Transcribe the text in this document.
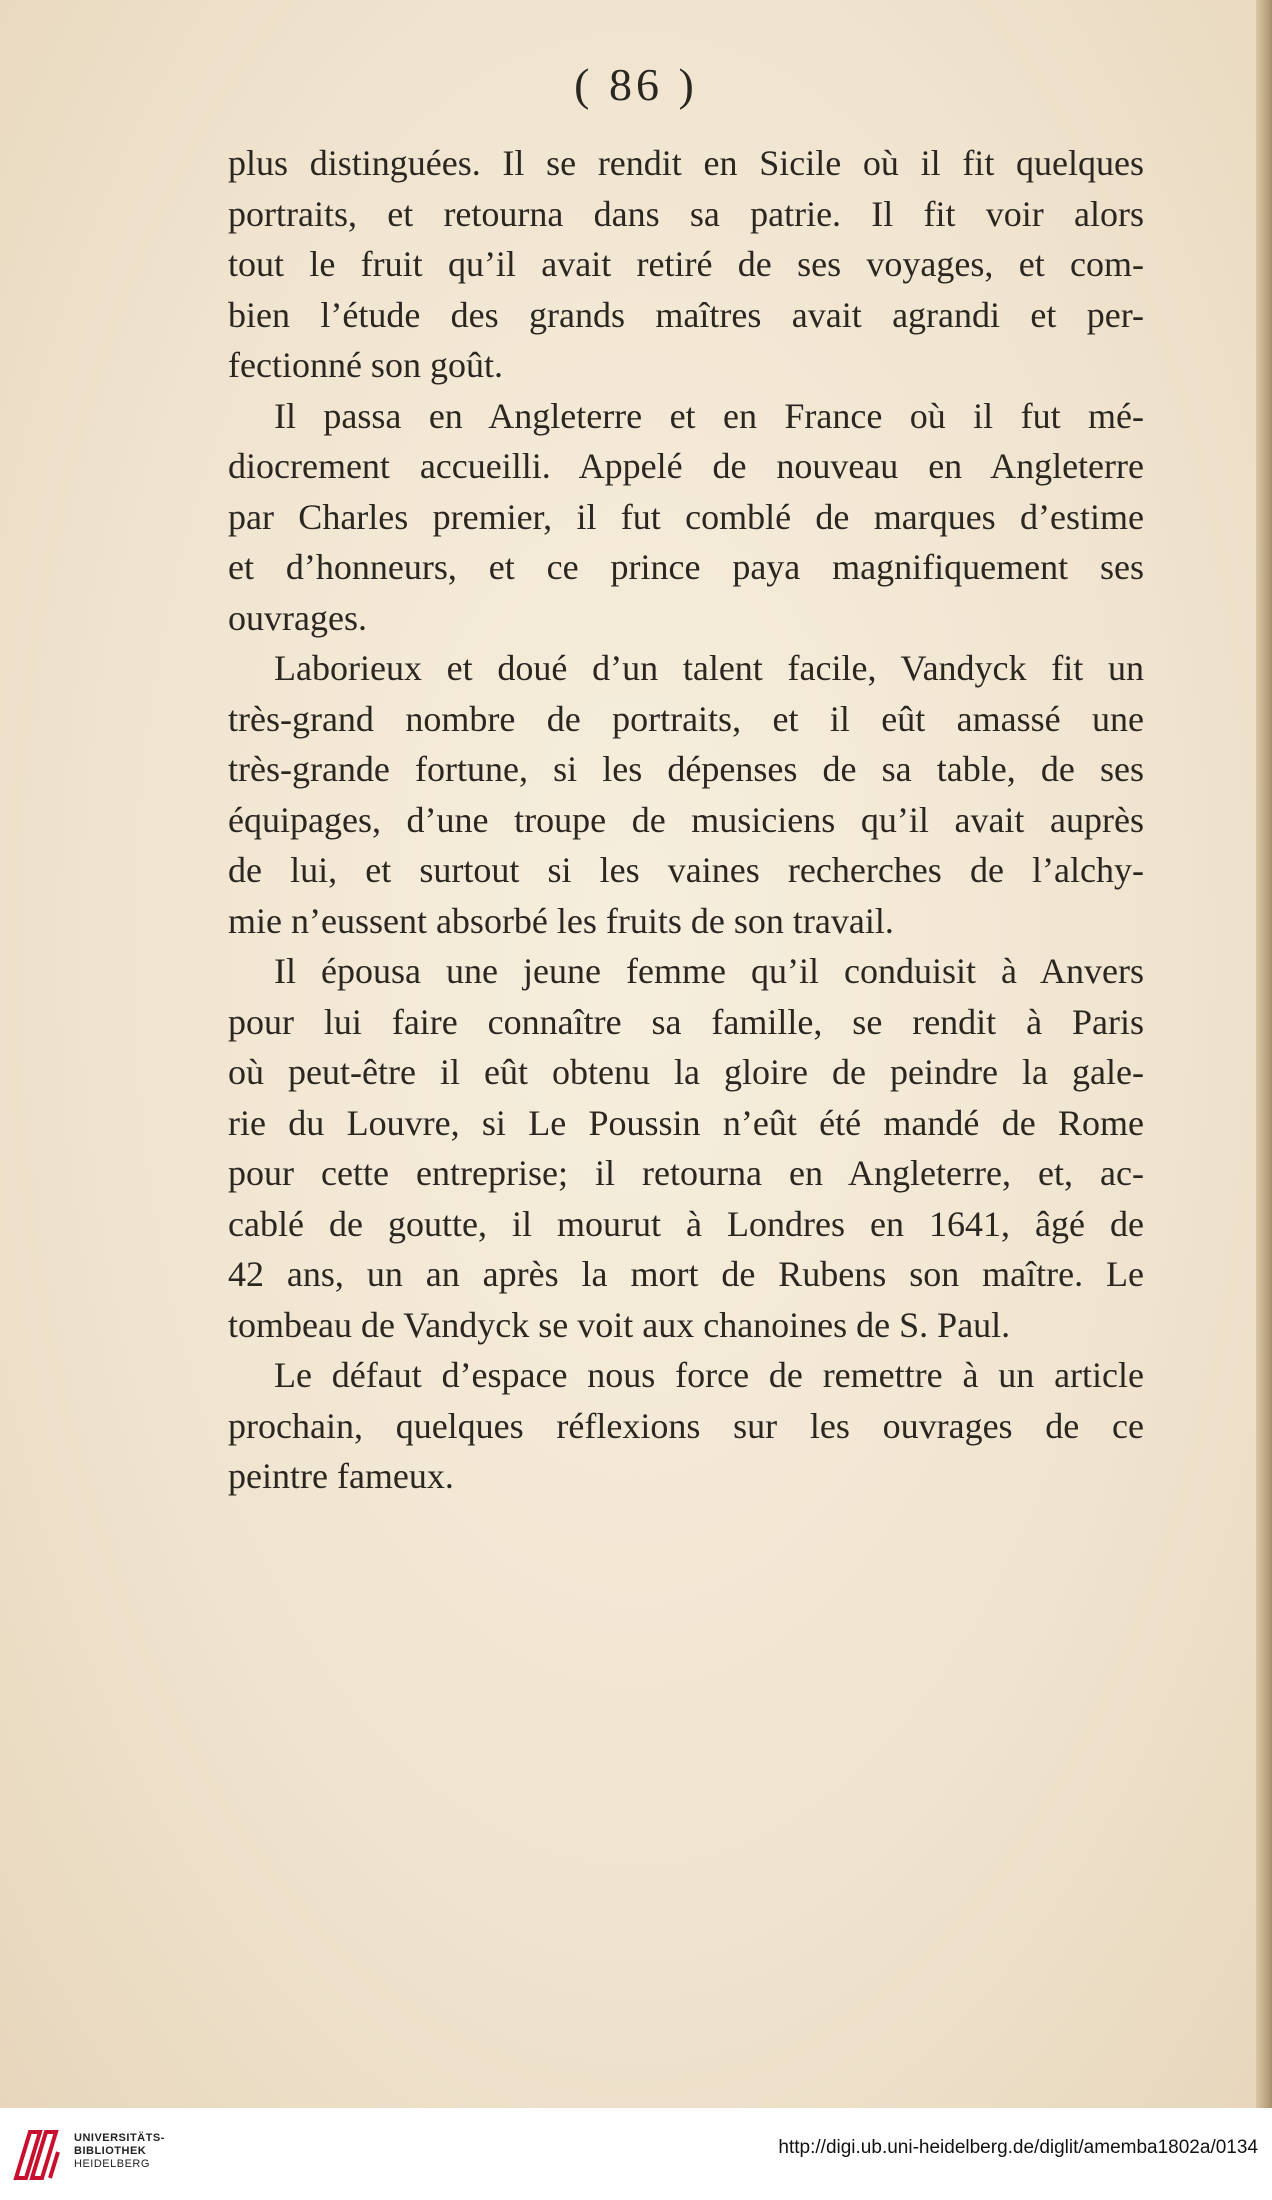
( 86 )
plus distinguées. Il se rendit en Sicile où il fit quelques
portraits, et retourna dans sa patrie. Il fit voir alors
tout le fruit qu’il avait retiré de ses voyages, et com-
bien l’étude des grands maîtres avait agrandi et per-
fectionné son goût.
Il passa en Angleterre et en France où il fut mé-
diocrement accueilli. Appelé de nouveau en Angleterre
par Charles premier, il fut comblé de marques d’estime
et d’honneurs, et ce prince paya magnifiquement ses
ouvrages.
Laborieux et doué d’un talent facile, Vandyck fit un
très-grand nombre de portraits, et il eût amassé une
très-grande fortune, si les dépenses de sa table, de ses
équipages, d’une troupe de musiciens qu’il avait auprès
de lui, et surtout si les vaines recherches de l’alchy-
mie n’eussent absorbé les fruits de son travail.
Il épousa une jeune femme qu’il conduisit à Anvers
pour lui faire connaître sa famille, se rendit à Paris
où peut-être il eût obtenu la gloire de peindre la gale-
rie du Louvre, si Le Poussin n’eût été mandé de Rome
pour cette entreprise; il retourna en Angleterre, et, ac-
cablé de goutte, il mourut à Londres en 1641, âgé de
42 ans, un an après la mort de Rubens son maître. Le
tombeau de Vandyck se voit aux chanoines de S. Paul.
Le défaut d’espace nous force de remettre à un article
prochain, quelques réflexions sur les ouvrages de ce
peintre fameux.
UNIVERSITÄTS-
BIBLIOTHEK
HEIDELBERG
http://digi.ub.uni-heidelberg.de/diglit/amemba1802a/0134
